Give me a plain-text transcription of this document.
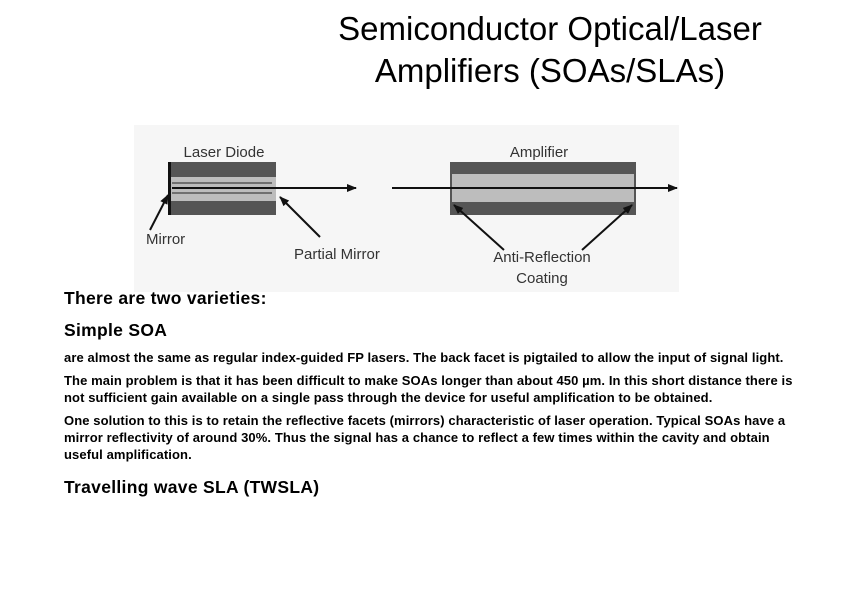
Semiconductor Optical/Laser
Amplifiers (SOAs/SLAs)
Laser Diode	Amplifier
Mirror
Partial Mirror	Anti-Reflection
Coating

There are two varieties:

Simple SOA

are almost the same as regular index-guided FP lasers. The back facet is pigtailed to allow the input of signal light.

The main problem is that it has been difficult to make SOAs longer than about 450 µm. In this short distance there is not sufficient gain available on a single pass through the device for useful amplification to be obtained.

One solution to this is to retain the reflective facets (mirrors) characteristic of laser operation. Typical SOAs have a mirror reflectivity of around 30%. Thus the signal has a chance to reflect a few times within the cavity and obtain useful amplification.

Travelling wave SLA (TWSLA)
